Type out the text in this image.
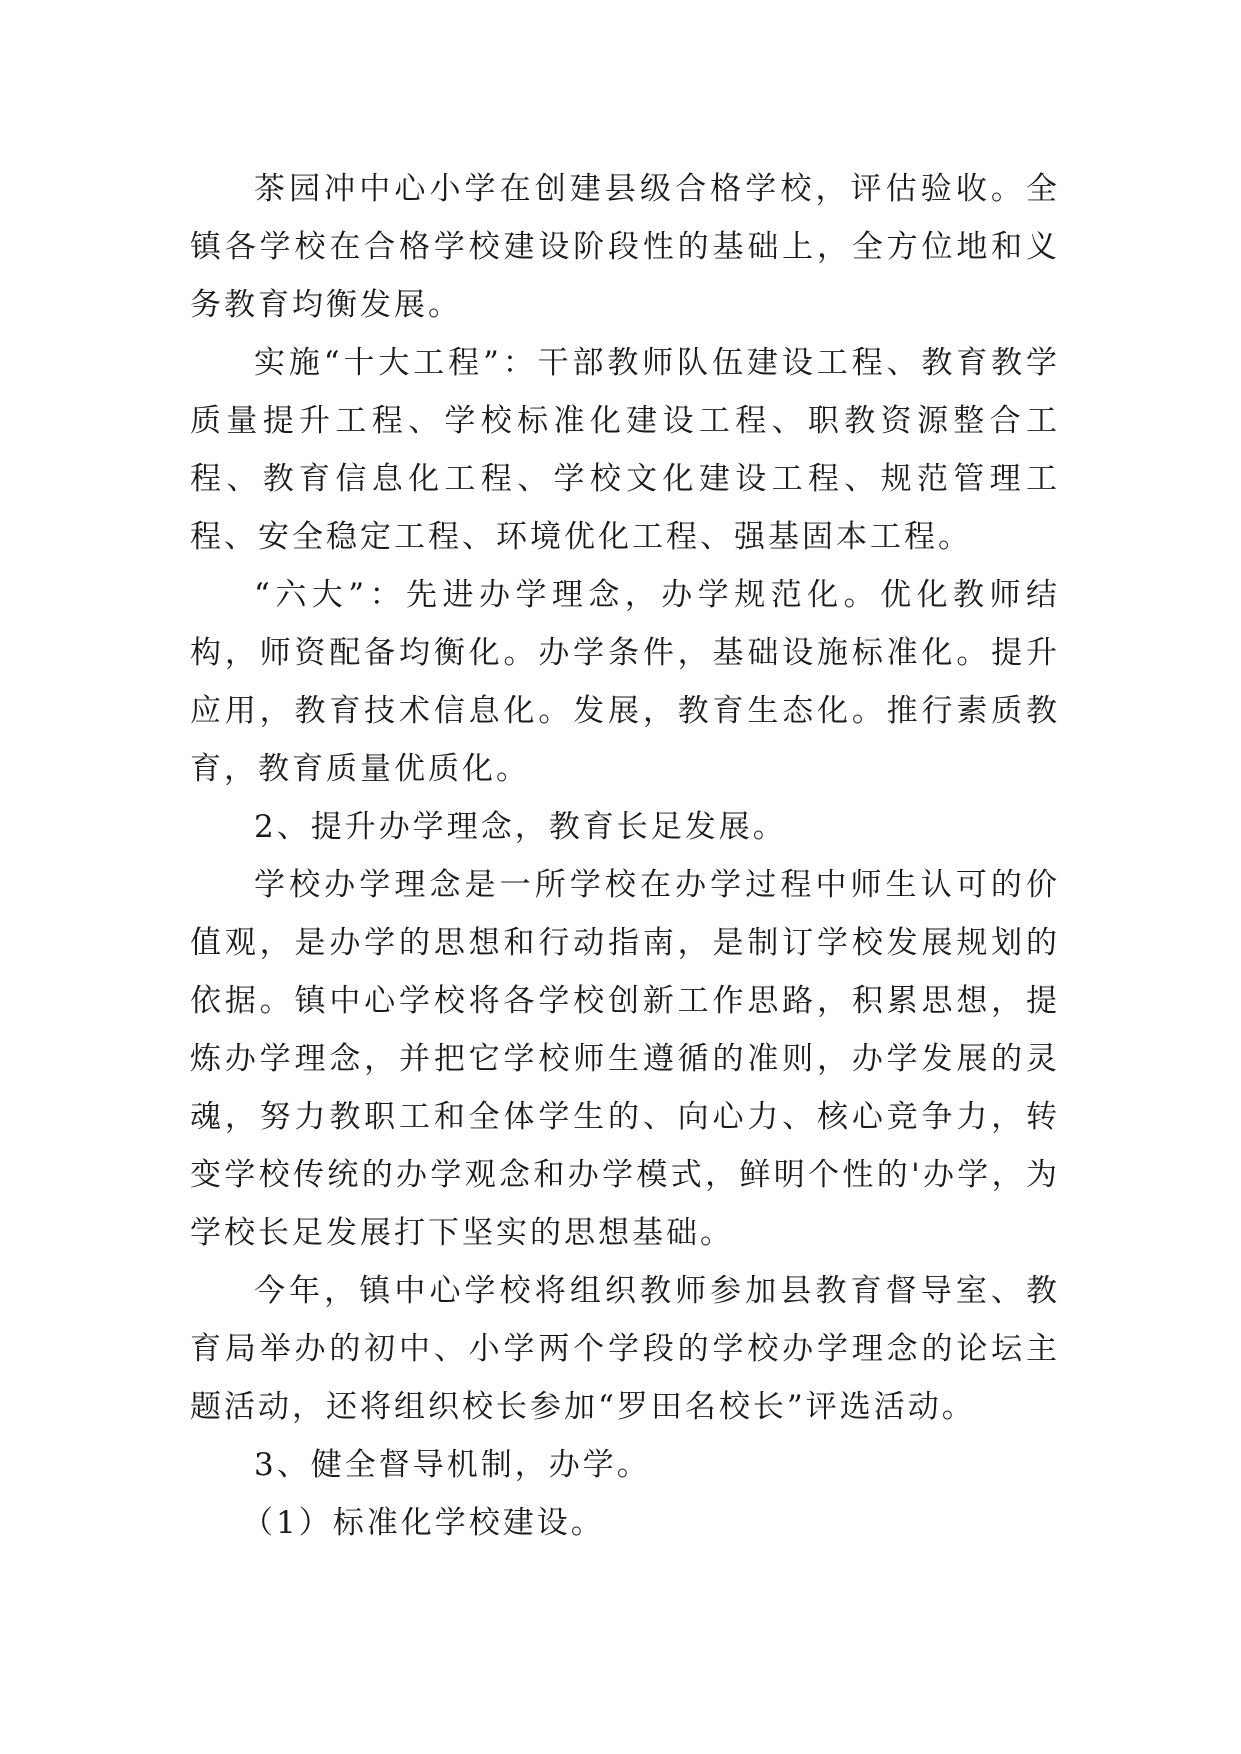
茶园冲中心小学在创建县级合格学校，评估验收。全镇各学校在合格学校建设阶段性的基础上，全方位地和义务教育均衡发展。

实施“十大工程”：干部教师队伍建设工程、教育教学质量提升工程、学校标准化建设工程、职教资源整合工程、教育信息化工程、学校文化建设工程、规范管理工程、安全稳定工程、环境优化工程、强基固本工程。

“六大”：先进办学理念，办学规范化。优化教师结构，师资配备均衡化。办学条件，基础设施标准化。提升应用，教育技术信息化。发展，教育生态化。推行素质教育，教育质量优质化。

2、提升办学理念，教育长足发展。

学校办学理念是一所学校在办学过程中师生认可的价值观，是办学的思想和行动指南，是制订学校发展规划的依据。镇中心学校将各学校创新工作思路，积累思想，提炼办学理念，并把它学校师生遵循的准则，办学发展的灵魂，努力教职工和全体学生的、向心力、核心竞争力，转变学校传统的办学观念和办学模式，鲜明个性的'办学，为学校长足发展打下坚实的思想基础。

今年，镇中心学校将组织教师参加县教育督导室、教育局举办的初中、小学两个学段的学校办学理念的论坛主题活动，还将组织校长参加“罗田名校长”评选活动。

3、健全督导机制，办学。

（1）标准化学校建设。
